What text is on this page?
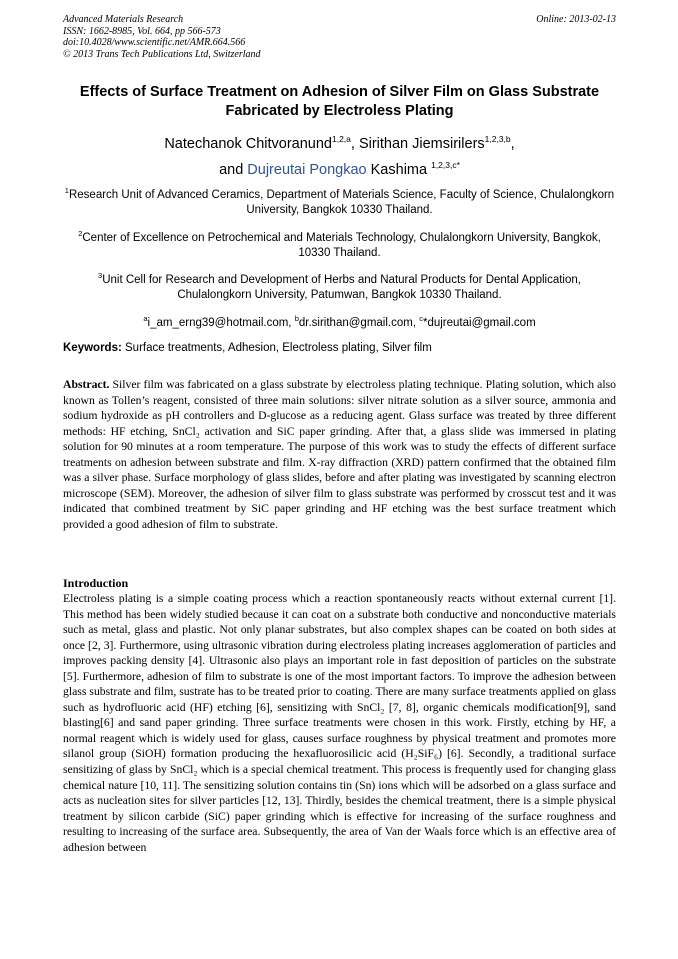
Advanced Materials Research
ISSN: 1662-8985, Vol. 664, pp 566-573
doi:10.4028/www.scientific.net/AMR.664.566
© 2013 Trans Tech Publications Ltd, Switzerland
Online: 2013-02-13
Effects of Surface Treatment on Adhesion of Silver Film on Glass Substrate Fabricated by Electroless Plating
Natechanok Chitvoranund$^{1,2,a}$, Sirithan Jiemsirilers$^{1,2,3,b}$,
and Dujreutai Pongkao Kashima $^{1,2,3,c*}$
$^1$Research Unit of Advanced Ceramics, Department of Materials Science, Faculty of Science, Chulalongkorn University, Bangkok 10330 Thailand.
$^2$Center of Excellence on Petrochemical and Materials Technology, Chulalongkorn University, Bangkok, 10330 Thailand.
$^3$Unit Cell for Research and Development of Herbs and Natural Products for Dental Application, Chulalongkorn University, Patumwan, Bangkok 10330 Thailand.
$^a$i_am_erng39@hotmail.com, $^b$dr.sirithan@gmail.com, $^c$*dujreutai@gmail.com
Keywords: Surface treatments, Adhesion, Electroless plating, Silver film
Abstract. Silver film was fabricated on a glass substrate by electroless plating technique. Plating solution, which also known as Tollen’s reagent, consisted of three main solutions: silver nitrate solution as a silver source, ammonia and sodium hydroxide as pH controllers and D-glucose as a reducing agent. Glass surface was treated by three different methods: HF etching, SnCl₂ activation and SiC paper grinding. After that, a glass slide was immersed in plating solution for 90 minutes at a room temperature. The purpose of this work was to study the effects of different surface treatments on adhesion between substrate and film. X-ray diffraction (XRD) pattern confirmed that the obtained film was a silver phase. Surface morphology of glass slides, before and after plating was investigated by scanning electron microscope (SEM). Moreover, the adhesion of silver film to glass substrate was performed by crosscut test and it was indicated that combined treatment by SiC paper grinding and HF etching was the best surface treatment which provided a good adhesion of film to substrate.
Introduction
Electroless plating is a simple coating process which a reaction spontaneously reacts without external current [1]. This method has been widely studied because it can coat on a substrate both conductive and nonconductive materials such as metal, glass and plastic. Not only planar substrates, but also complex shapes can be coated on both sides at once [2, 3]. Furthermore, using ultrasonic vibration during electroless plating increases agglomeration of particles and improves packing density [4]. Ultrasonic also plays an important role in fast deposition of particles on the substrate [5]. Furthermore, adhesion of film to substrate is one of the most important factors. To improve the adhesion between glass substrate and film, sustrate has to be treated prior to coating. There are many surface treatments applied on glass such as hydrofluoric acid (HF) etching [6], sensitizing with SnCl₂ [7, 8], organic chemicals modification[9], sand blasting[6] and sand paper grinding. Three surface treatments were chosen in this work. Firstly, etching by HF, a normal reagent which is widely used for glass, causes surface roughness by physical treatment and promotes more silanol group (SiOH) formation producing the hexafluorosilicic acid (H₂SiF₆) [6]. Secondly, a traditional surface sensitizing of glass by SnCl₂ which is a special chemical treatment. This process is frequently used for changing glass chemical nature [10, 11]. The sensitizing solution contains tin (Sn) ions which will be adsorbed on a glass surface and acts as nucleation sites for silver particles [12, 13]. Thirdly, besides the chemical treatment, there is a simple physical treatment by silicon carbide (SiC) paper grinding which is effective for increasing of the surface roughness and resulting to increasing of the surface area. Subsequently, the area of Van der Waals force which is an effective area of adhesion between
